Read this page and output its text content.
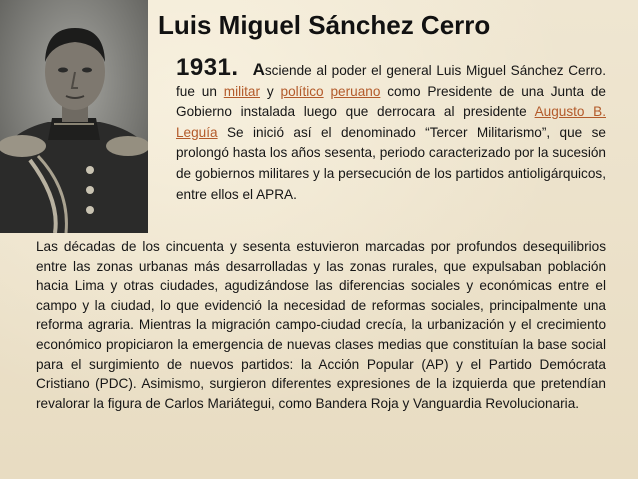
Luis Miguel Sánchez Cerro
1931. Asciende al poder el general Luis Miguel Sánchez Cerro. fue un militar y político peruano como Presidente de una Junta de Gobierno instalada luego que derrocara al presidente Augusto B. Leguía Se inició así el denominado “Tercer Militarismo”, que se prolongó hasta los años sesenta, periodo caracterizado por la sucesión de gobiernos militares y la persecución de los partidos antioligárquicos, entre ellos el APRA.
Las décadas de los cincuenta y sesenta estuvieron marcadas por profundos desequilibrios entre las zonas urbanas más desarrolladas y las zonas rurales, que expulsaban población hacia Lima y otras ciudades, agudizándose las diferencias sociales y económicas entre el campo y la ciudad, lo que evidenció la necesidad de reformas sociales, principalmente una reforma agraria. Mientras la migración campo-ciudad crecía, la urbanización y el crecimiento económico propiciaron la emergencia de nuevas clases medias que constituían la base social para el surgimiento de nuevos partidos: la Acción Popular (AP) y el Partido Demócrata Cristiano (PDC). Asimismo, surgieron diferentes expresiones de la izquierda que pretendían revalorar la figura de Carlos Mariátegui, como Bandera Roja y Vanguardia Revolucionaria.
